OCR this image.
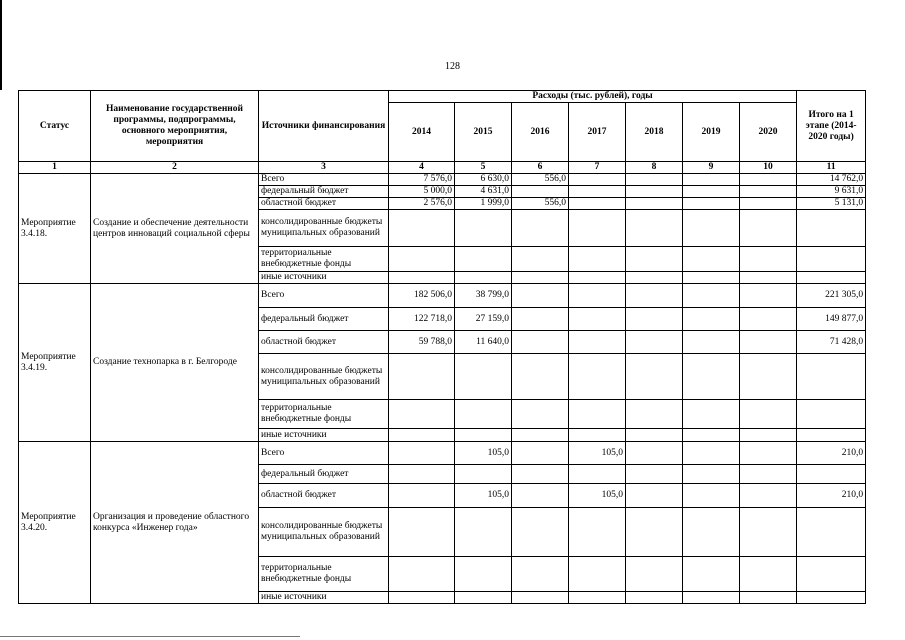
128
Статус	Наименование государственной программы, подпрограммы, основного мероприятия, мероприятия	Источники финансирования	Расходы (тыс. рублей), годы							Итого на 1 этапе (2014-2020 годы)
			2014	2015	2016	2017	2018	2019	2020	
1	2	3	4	5	6	7	8	9	10	11
Мероприятие 3.4.18.	Создание и обеспечение деятельности центров инноваций социальной сферы	Всего	7 576,0	6 630,0	556,0					14 762,0
		федеральный бюджет	5 000,0	4 631,0						9 631,0
		областной бюджет	2 576,0	1 999,0	556,0					5 131,0
		консолидированные бюджеты муниципальных образований								
		территориальные внебюджетные фонды								
		иные источники								
Мероприятие 3.4.19.	Создание технопарка в г. Белгороде	Всего	182 506,0	38 799,0						221 305,0
		федеральный бюджет	122 718,0	27 159,0						149 877,0
		областной бюджет	59 788,0	11 640,0						71 428,0
		консолидированные бюджеты муниципальных образований								
		территориальные внебюджетные фонды								
		иные источники								
Мероприятие 3.4.20.	Организация и проведение областного конкурса «Инженер года»	Всего		105,0		105,0				210,0
		федеральный бюджет								
		областной бюджет		105,0		105,0				210,0
		консолидированные бюджеты муниципальных образований								
		территориальные внебюджетные фонды								
		иные источники								
